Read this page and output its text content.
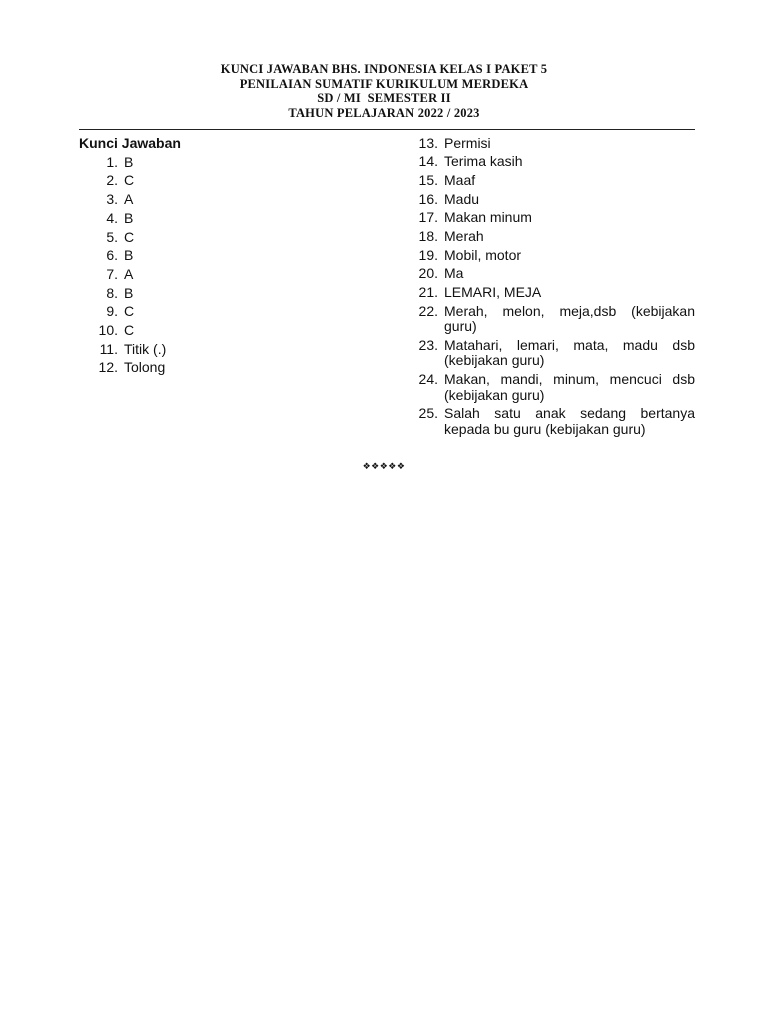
KUNCI JAWABAN BHS. INDONESIA KELAS I PAKET 5
PENILAIAN SUMATIF KURIKULUM MERDEKA
SD / MI  SEMESTER II
TAHUN PELAJARAN 2022 / 2023
Kunci Jawaban
1. B
2. C
3. A
4. B
5. C
6. B
7. A
8. B
9. C
10. C
11. Titik (.)
12. Tolong
13. Permisi
14. Terima kasih
15. Maaf
16. Madu
17. Makan minum
18. Merah
19. Mobil, motor
20. Ma
21. LEMARI, MEJA
22. Merah, melon, meja,dsb (kebijakan guru)
23. Matahari, lemari, mata, madu dsb (kebijakan guru)
24. Makan, mandi, minum, mencuci dsb (kebijakan guru)
25. Salah satu anak sedang bertanya kepada bu guru (kebijakan guru)
❖❖❖❖❖
